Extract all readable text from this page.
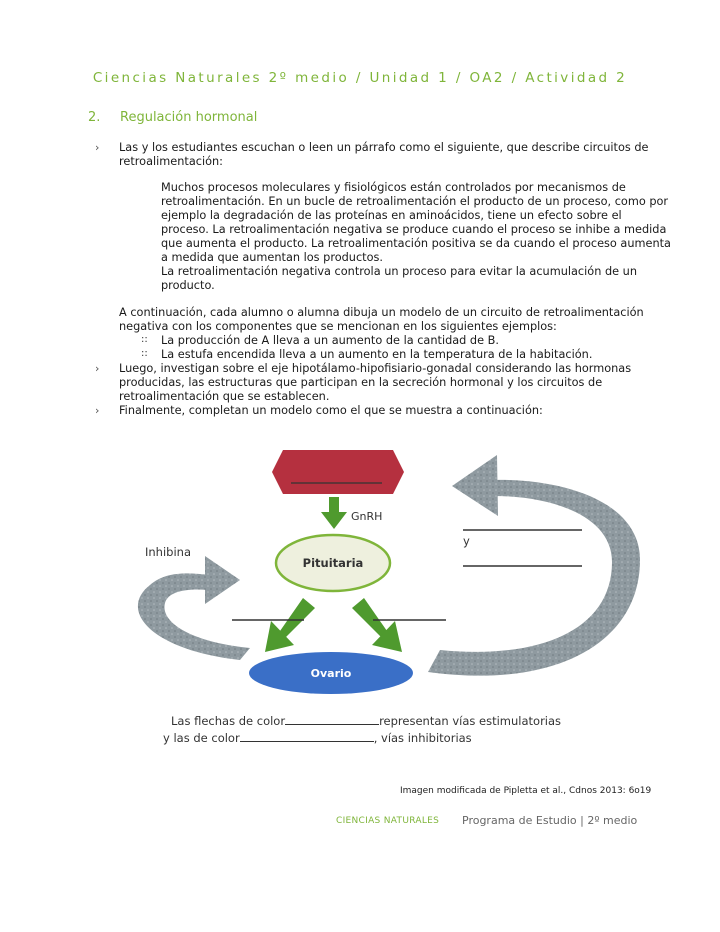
Ciencias Naturales 2º medio / Unidad 1 / OA2 / Actividad 2
2. Regulación hormonal
› Las y los estudiantes escuchan o leen un párrafo como el siguiente, que describe circuitos de
retroalimentación:
Muchos procesos moleculares y fisiológicos están controlados por mecanismos de
retroalimentación. En un bucle de retroalimentación el producto de un proceso, como por
ejemplo la degradación de las proteínas en aminoácidos, tiene un efecto sobre el
proceso. La retroalimentación negativa se produce cuando el proceso se inhibe a medida
que aumenta el producto. La retroalimentación positiva se da cuando el proceso aumenta
a medida que aumentan los productos.
La retroalimentación negativa controla un proceso para evitar la acumulación de un
producto.
A continuación, cada alumno o alumna dibuja un modelo de un circuito de retroalimentación
negativa con los componentes que se mencionan en los siguientes ejemplos:
:: La producción de A lleva a un aumento de la cantidad de B.
:: La estufa encendida lleva a un aumento en la temperatura de la habitación.
› Luego, investigan sobre el eje hipotálamo-hipofisiario-gonadal considerando las hormonas
producidas, las estructuras que participan en la secreción hormonal y los circuitos de
retroalimentación que se establecen.
› Finalmente, completan un modelo como el que se muestra a continuación:
GnRH
Pituitaria
Ovario
Inhibina
y
Las flechas de color	representan vías estimulatorias
y las de color	, vías inhibitorias
Imagen modificada de Pipletta et al., Cdnos 2013: 6o19
CIENCIAS NATURALES Programa de Estudio | 2º medio
